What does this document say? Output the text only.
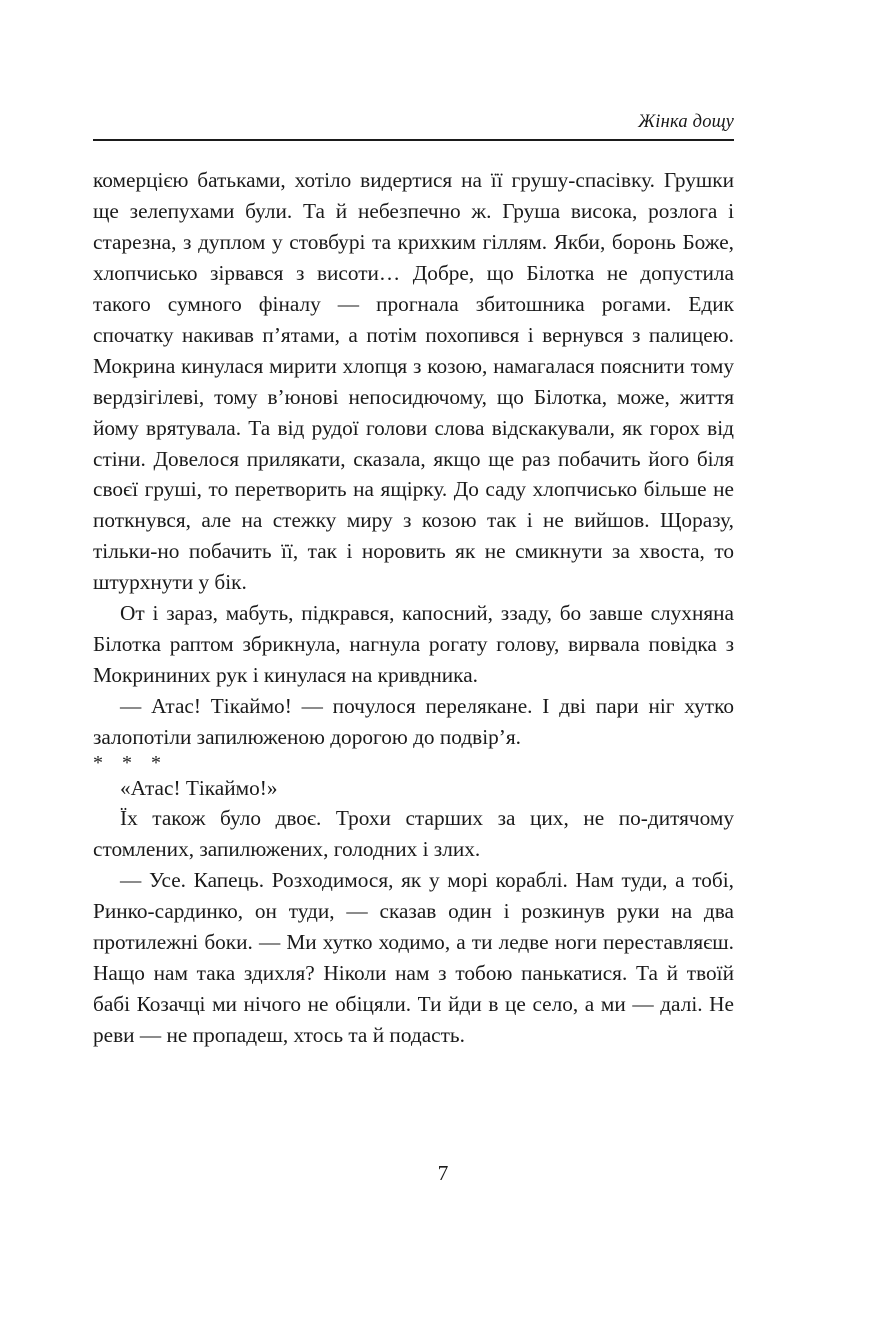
Жінка дощу

комерцією батьками, хотіло видертися на її грушу-спасівку. Грушки ще зелепухами були. Та й небезпечно ж. Груша висока, розлога і старезна, з дуплом у стовбурі та крихким гіллям. Якби, боронь Боже, хлопчисько зірвався з висоти… Добре, що Білотка не допустила такого сумного фіналу — прогнала збитошника рогами. Едик спочатку накивав п’ятами, а потім похопився і вернувся з палицею. Мокрина кинулася мирити хлопця з козою, намагалася пояснити тому вердзігілеві, тому в’юнові непосидючому, що Білотка, може, життя йому врятувала. Та від рудої голови слова відскакували, як горох від стіни. Довелося прилякати, сказала, якщо ще раз побачить його біля своєї груші, то перетворить на ящірку. До саду хлопчисько більше не поткнувся, але на стежку миру з козою так і не вийшов. Щоразу, тільки-но побачить її, так і норовить як не смикнути за хвоста, то штурхнути у бік.

От і зараз, мабуть, підкрався, капосний, ззаду, бо завше слухняна Білотка раптом збрикнула, нагнула рогату голову, вирвала повідка з Мокрининих рук і кинулася на кривдника.

— Атас! Тікаймо! — почулося перелякане. І дві пари ніг хутко залопотіли запилюженою дорогою до подвір’я.

* * *

«Атас! Тікаймо!»

Їх також було двоє. Трохи старших за цих, не по-дитячому стомлених, запилюжених, голодних і злих.

— Усе. Капець. Розходимося, як у морі кораблі. Нам туди, а тобі, Ринко-сардинко, он туди, — сказав один і розкинув руки на два протилежні боки. — Ми хутко ходимо, а ти ледве ноги переставляєш. Нащо нам така здихля? Ніколи нам з тобою панькатися. Та й твоїй бабі Козачці ми нічого не обіцяли. Ти йди в це село, а ми — далі. Не реви — не пропадеш, хтось та й подасть.

7
